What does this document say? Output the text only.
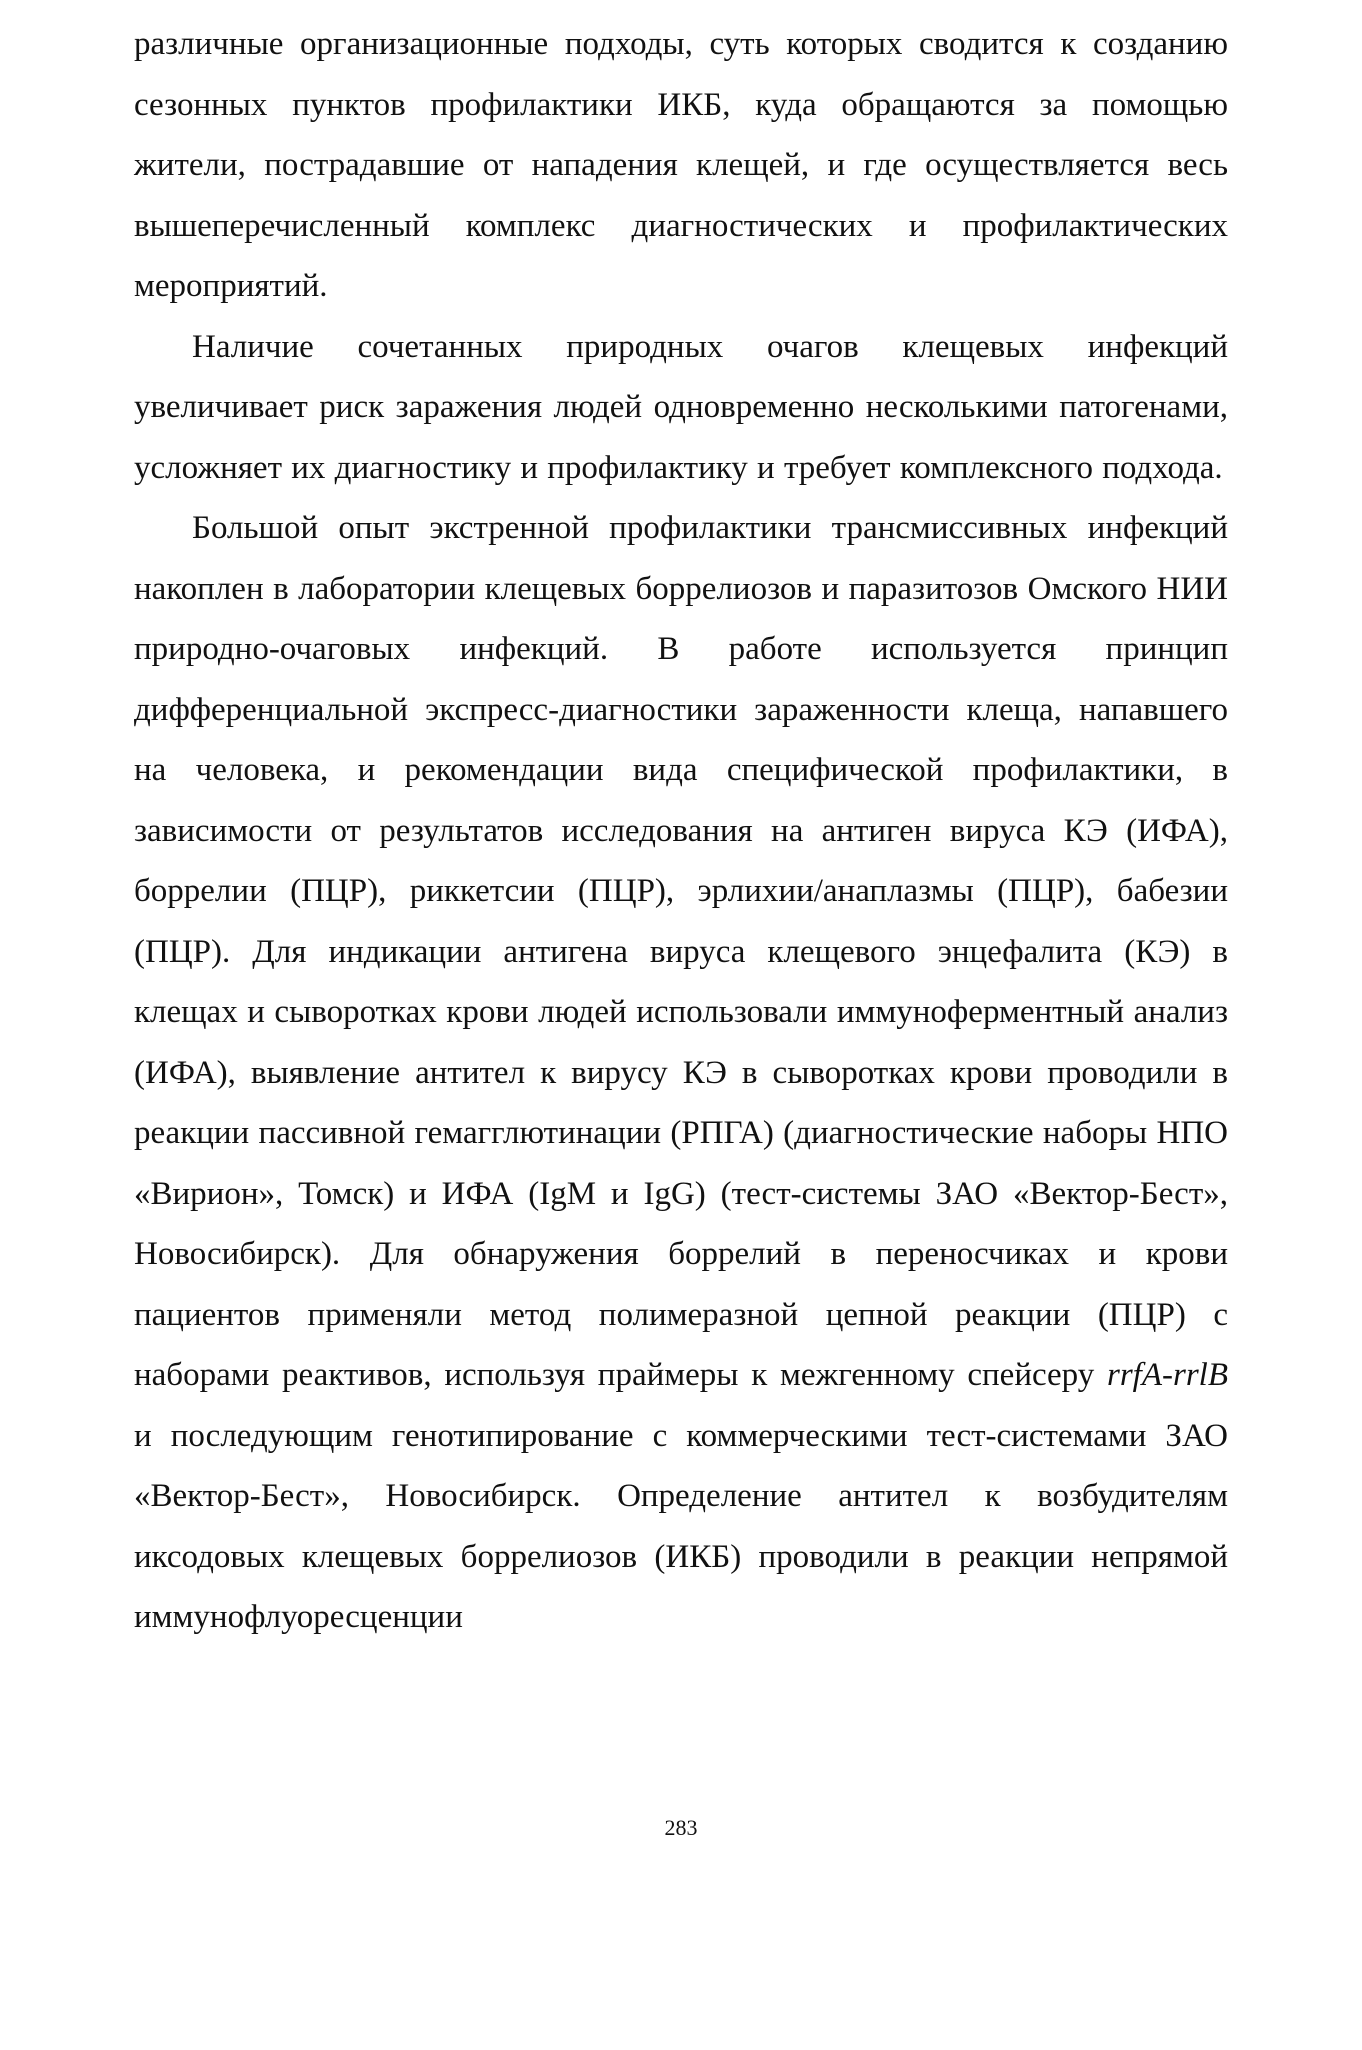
различные организационные подходы, суть которых сводится к созданию сезонных пунктов профилактики ИКБ, куда обращаются за помощью жители, пострадавшие от нападения клещей, и где осуществляется весь вышеперечисленный комплекс диагностических и профилактических мероприятий.

Наличие сочетанных природных очагов клещевых инфекций увеличивает риск заражения людей одновременно несколькими патогенами, усложняет их диагностику и профилактику и требует комплексного подхода.

Большой опыт экстренной профилактики трансмиссивных инфекций накоплен в лаборатории клещевых боррелиозов и паразитозов Омского НИИ природно-очаговых инфекций. В работе используется принцип дифференциальной экспресс-диагностики зараженности клеща, напавшего на человека, и рекомендации вида специфической профилактики, в зависимости от результатов исследования на антиген вируса КЭ (ИФА), боррелии (ПЦР), риккетсии (ПЦР), эрлихии/анаплазмы (ПЦР), бабезии (ПЦР). Для индикации антигена вируса клещевого энцефалита (КЭ) в клещах и сыворотках крови людей использовали иммуноферментный анализ (ИФА), выявление антител к вирусу КЭ в сыворотках крови проводили в реакции пассивной гемагглютинации (РПГА) (диагностические наборы НПО «Вирион», Томск) и ИФА (IgM и IgG) (тест-системы ЗАО «Вектор-Бест», Новосибирск). Для обнаружения боррелий в переносчиках и крови пациентов применяли метод полимеразной цепной реакции (ПЦР) с наборами реактивов, используя праймеры к межгенному спейсеру rrfA-rrlB и последующим генотипирование с коммерческими тест-системами ЗАО «Вектор-Бест», Новосибирск. Определение антител к возбудителям иксодовых клещевых боррелиозов (ИКБ) проводили в реакции непрямой иммунофлуоресценции

283
